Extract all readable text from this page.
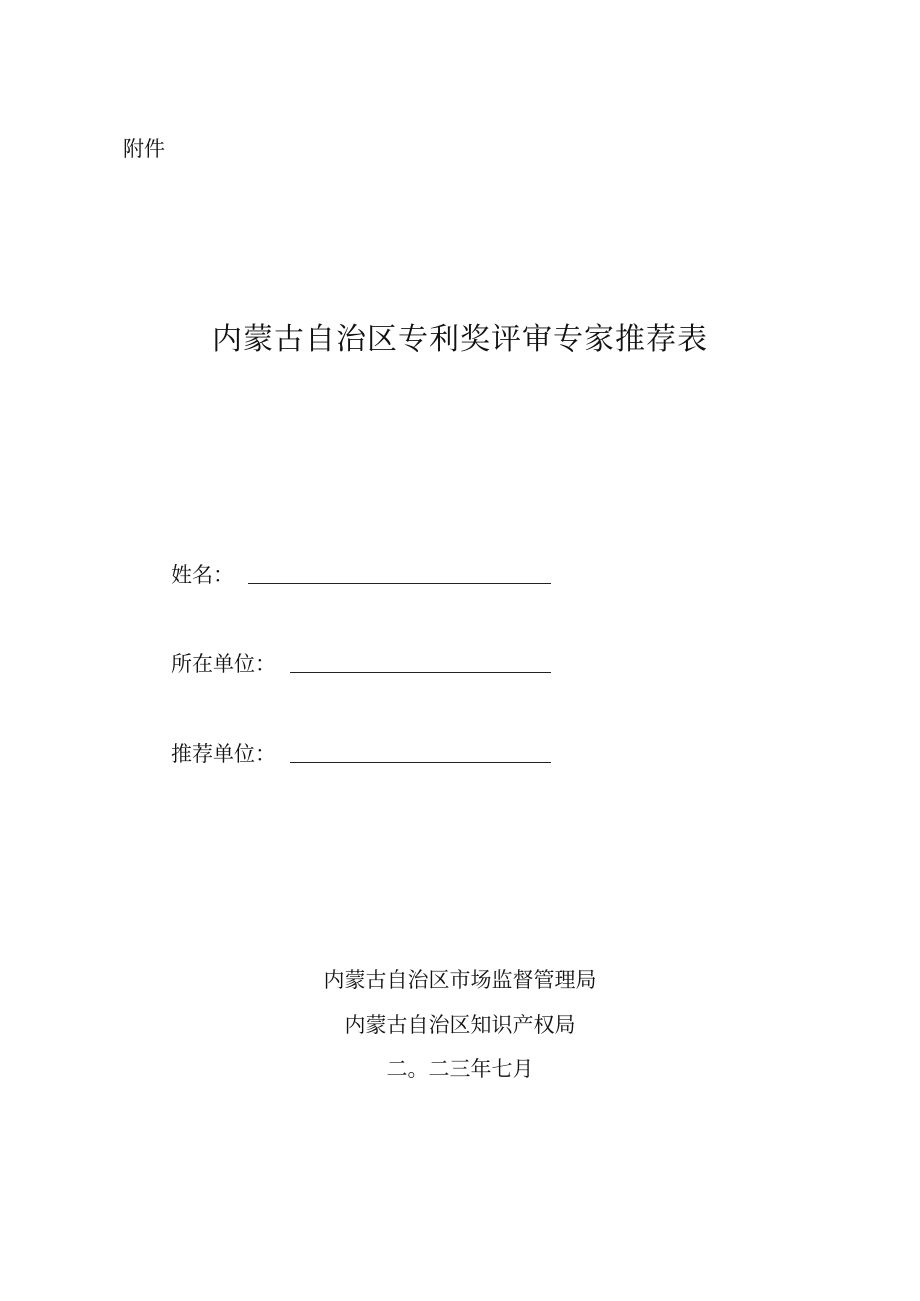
附件
内蒙古自治区专利奖评审专家推荐表
姓名：
所在单位：
推荐单位：
内蒙古自治区市场监督管理局
内蒙古自治区知识产权局
二。二三年七月
